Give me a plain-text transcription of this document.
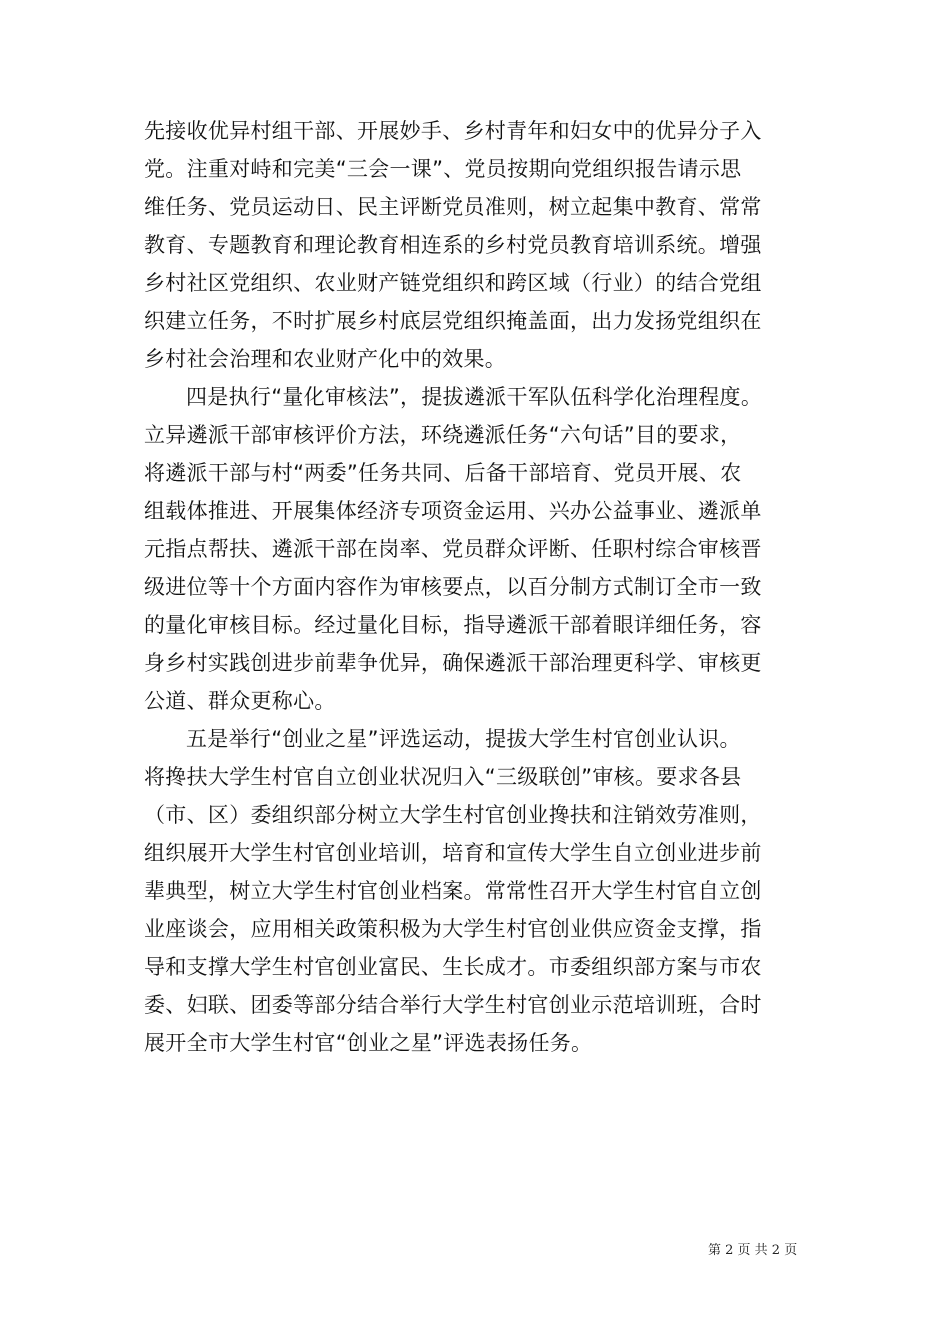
先接收优异村组干部、开展妙手、乡村青年和妇女中的优异分子入
党。注重对峙和完美“三会一课”、党员按期向党组织报告请示思
维任务、党员运动日、民主评断党员准则，树立起集中教育、常常
教育、专题教育和理论教育相连系的乡村党员教育培训系统。增强
乡村社区党组织、农业财产链党组织和跨区域（行业）的结合党组
织建立任务，不时扩展乡村底层党组织掩盖面，出力发扬党组织在
乡村社会治理和农业财产化中的效果。
四是执行“量化审核法”，提拔遴派干军队伍科学化治理程度。
立异遴派干部审核评价方法，环绕遴派任务“六句话”目的要求，
将遴派干部与村“两委”任务共同、后备干部培育、党员开展、农
组载体推进、开展集体经济专项资金运用、兴办公益事业、遴派单
元指点帮扶、遴派干部在岗率、党员群众评断、任职村综合审核晋
级进位等十个方面内容作为审核要点，以百分制方式制订全市一致
的量化审核目标。经过量化目标，指导遴派干部着眼详细任务，容
身乡村实践创进步前辈争优异，确保遴派干部治理更科学、审核更
公道、群众更称心。
五是举行“创业之星”评选运动，提拔大学生村官创业认识。
将搀扶大学生村官自立创业状况归入“三级联创”审核。要求各县
（市、区）委组织部分树立大学生村官创业搀扶和注销效劳准则，
组织展开大学生村官创业培训，培育和宣传大学生自立创业进步前
辈典型，树立大学生村官创业档案。常常性召开大学生村官自立创
业座谈会，应用相关政策积极为大学生村官创业供应资金支撑，指
导和支撑大学生村官创业富民、生长成才。市委组织部方案与市农
委、妇联、团委等部分结合举行大学生村官创业示范培训班，合时
展开全市大学生村官“创业之星”评选表扬任务。
第 2 页 共 2 页
